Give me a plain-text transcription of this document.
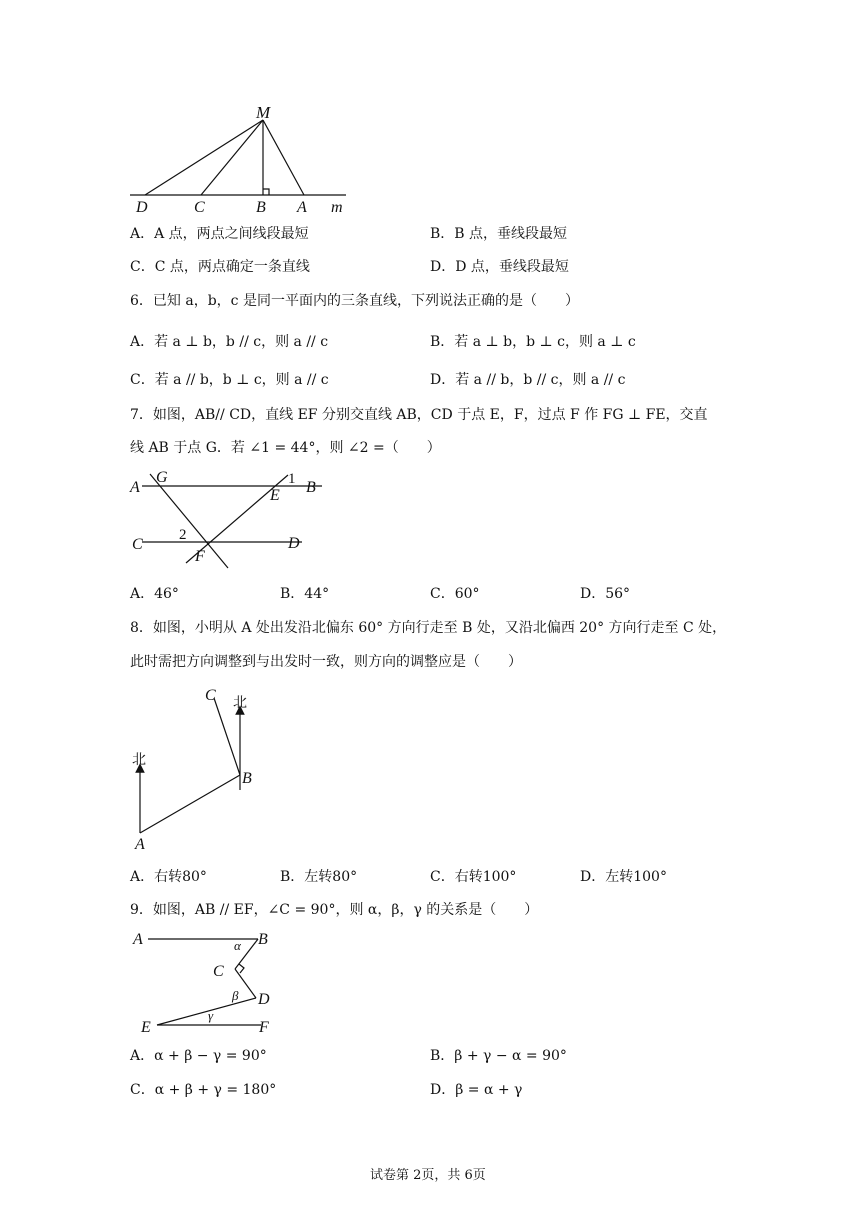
M
D	C	B A m
A．A 点，两点之间线段最短	B．B 点，垂线段最短
C．C 点，两点确定一条直线	D．D 点，垂线段最短
6．已知 a，b，c 是同一平面内的三条直线，下列说法正确的是（　　）
A．若 a ⊥ b，b // c，则 a // c	B．若 a ⊥ b，b ⊥ c，则 a ⊥ c
C．若 a // b，b ⊥ c，则 a // c	D．若 a // b，b // c，则 a // c
7．如图，AB// CD，直线 EF 分别交直线 AB，CD 于点 E，F，过点 F 作 FG ⊥ FE，交直
线 AB 于点 G．若 ∠1 = 44°，则 ∠2 =（　　）
A
G	1 B
E
C
2	D
F
A．46°	B．44°	C．60°	D．56°
8．如图，小明从 A 处出发沿北偏东 60° 方向行走至 B 处，又沿北偏西 20° 方向行走至 C 处，
此时需把方向调整到与出发时一致，则方向的调整应是（　　）
北
北
A
B
C
A．右转80°	B．左转80°	C．右转100°	D．左转100°
9．如图，AB // EF，∠C = 90°，则 α，β，γ 的关系是（　　）
A	B
C
D
E	F
α
β
γ
A．α + β − γ = 90°	B．β + γ − α = 90°
C．α + β + γ = 180°	D．β = α + γ
试卷第 2页，共 6页
